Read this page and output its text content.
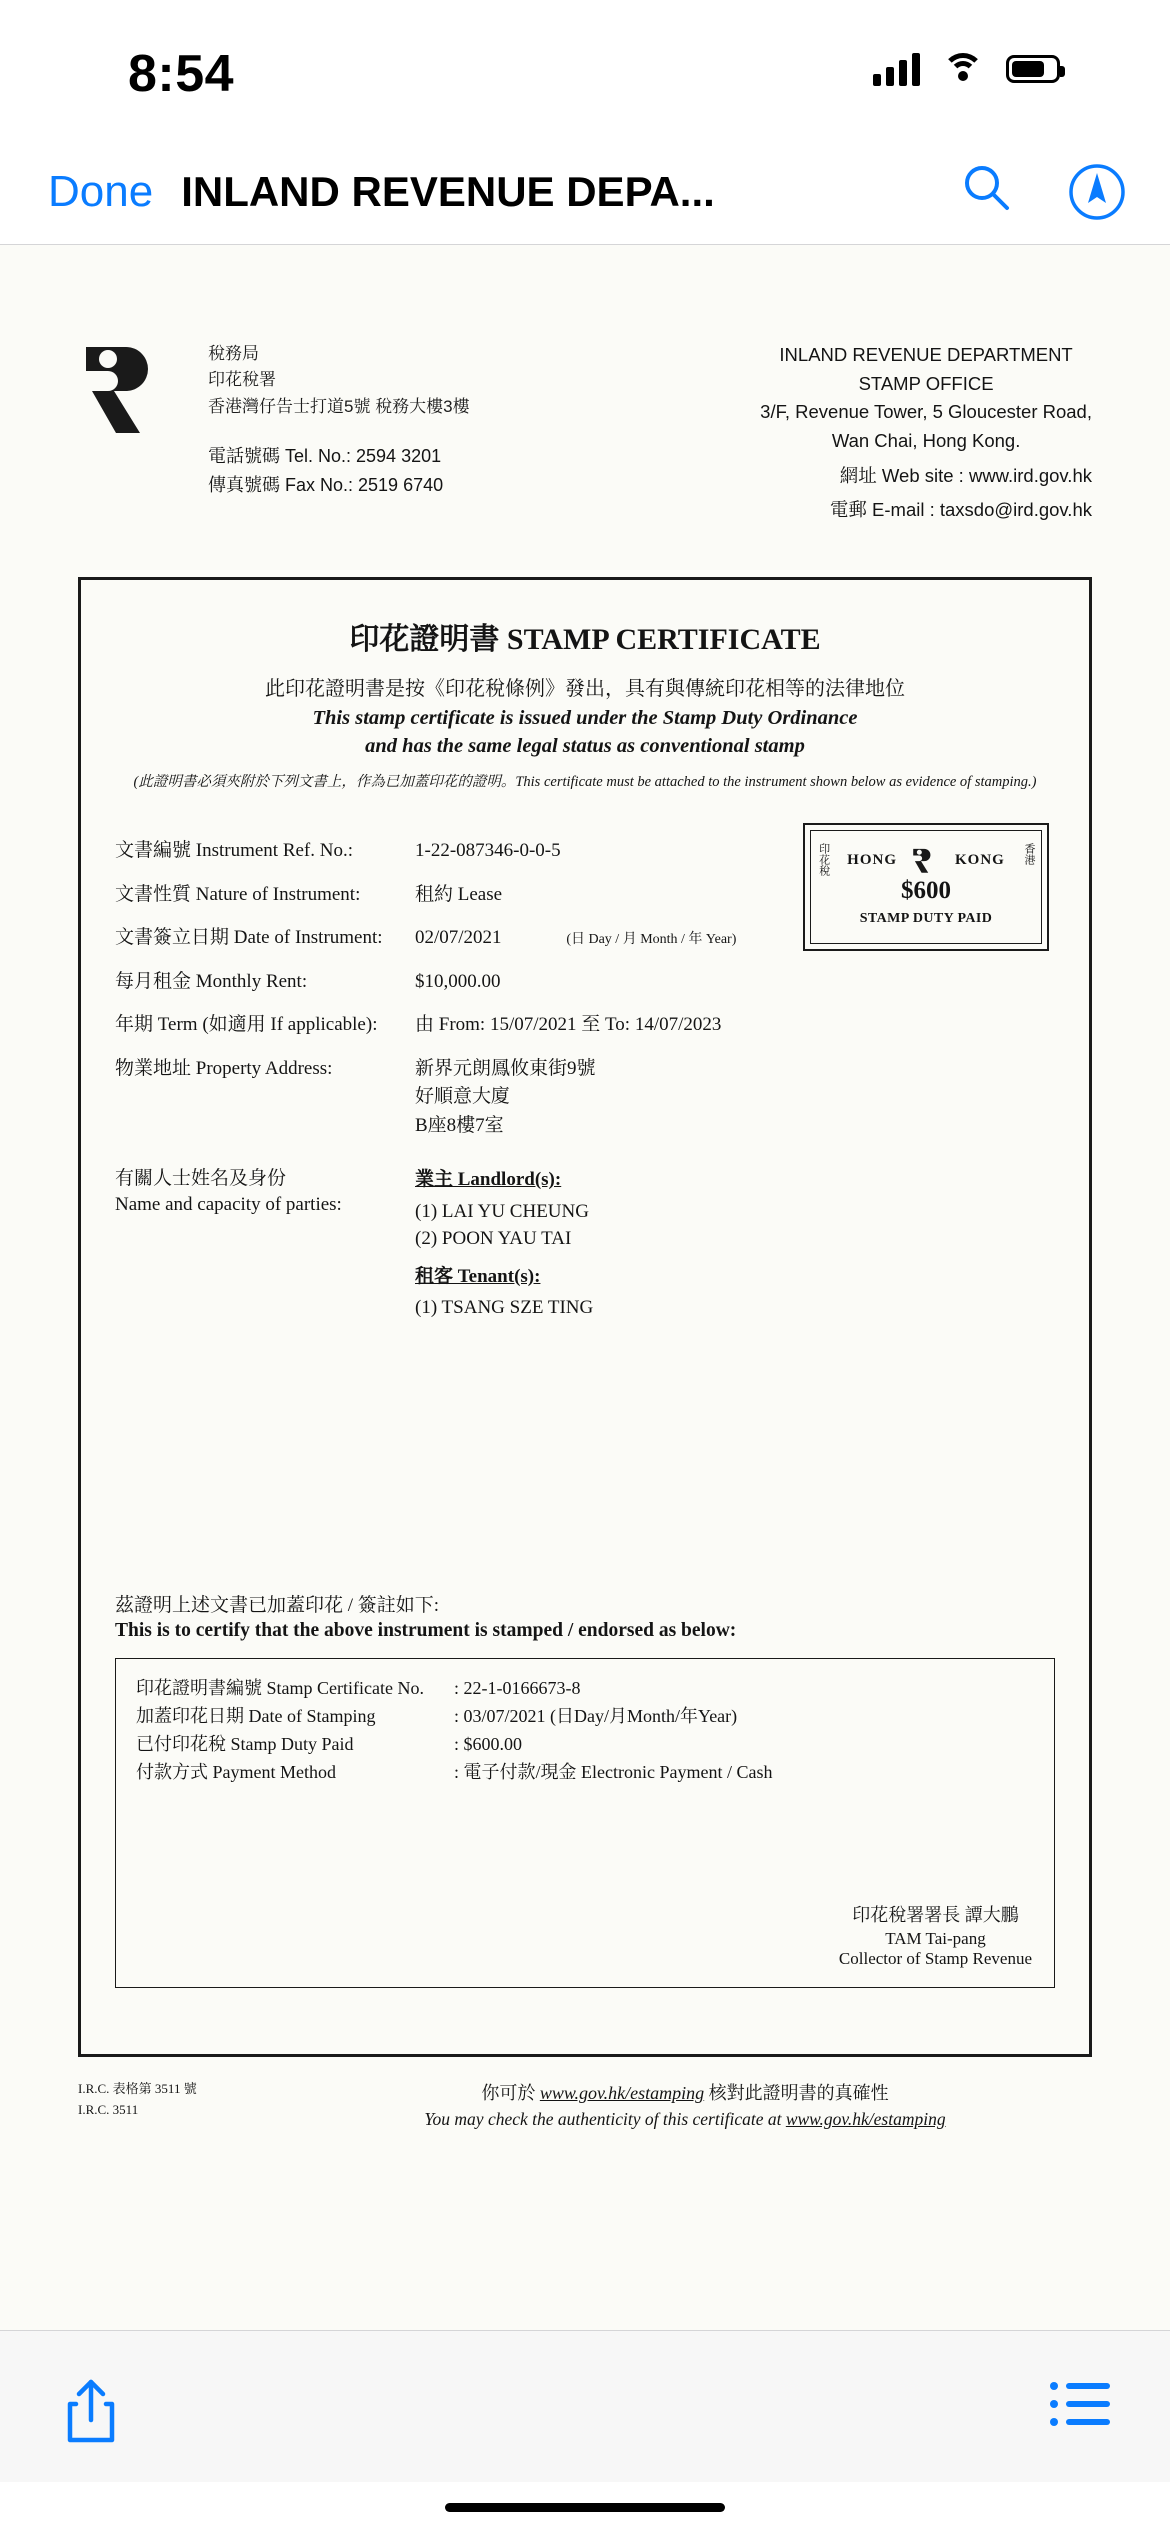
8:54
Done INLAND REVENUE DEPA...
稅務局
印花稅署
香港灣仔告士打道5號 稅務大樓3樓
電話號碼 Tel. No.: 2594 3201
傳真號碼 Fax No.: 2519 6740
INLAND REVENUE DEPARTMENT
STAMP OFFICE
3/F, Revenue Tower, 5 Gloucester Road,
Wan Chai, Hong Kong.
網址 Web site : www.ird.gov.hk
電郵 E-mail : taxsdo@ird.gov.hk
印花證明書 STAMP CERTIFICATE
此印花證明書是按《印花稅條例》發出，具有與傳統印花相等的法律地位
This stamp certificate is issued under the Stamp Duty Ordinance
and has the same legal status as conventional stamp
(此證明書必須夾附於下列文書上，作為已加蓋印花的證明。This certificate must be attached to the instrument shown below as evidence of stamping.)
印花稅	香港
HONG	KONG
$600
STAMP DUTY PAID
文書編號 Instrument Ref. No.:	1-22-087346-0-0-5
文書性質 Nature of Instrument:	租約 Lease
文書簽立日期 Date of Instrument:	02/07/2021	(日 Day / 月 Month / 年 Year)
每月租金 Monthly Rent:	$10,000.00
年期 Term (如適用 If applicable):	由 From: 15/07/2021 至 To: 14/07/2023
物業地址 Property Address:	新界元朗鳳攸東街9號
好順意大廈
B座8樓7室
有關人士姓名及身份
Name and capacity of parties:
業主 Landlord(s):
(1) LAI YU CHEUNG
(2) POON YAU TAI
租客 Tenant(s):
(1) TSANG SZE TING
茲證明上述文書已加蓋印花 / 簽註如下:
This is to certify that the above instrument is stamped / endorsed as below:
印花證明書編號 Stamp Certificate No.	: 22-1-0166673-8
加蓋印花日期 Date of Stamping	: 03/07/2021 (日Day/月Month/年Year)
已付印花稅 Stamp Duty Paid	: $600.00
付款方式 Payment Method	: 電子付款/現金 Electronic Payment / Cash
印花稅署署長 譚大鵬
TAM Tai-pang
Collector of Stamp Revenue
I.R.C. 表格第 3511 號
I.R.C. 3511
你可於 www.gov.hk/estamping 核對此證明書的真確性
You may check the authenticity of this certificate at www.gov.hk/estamping
